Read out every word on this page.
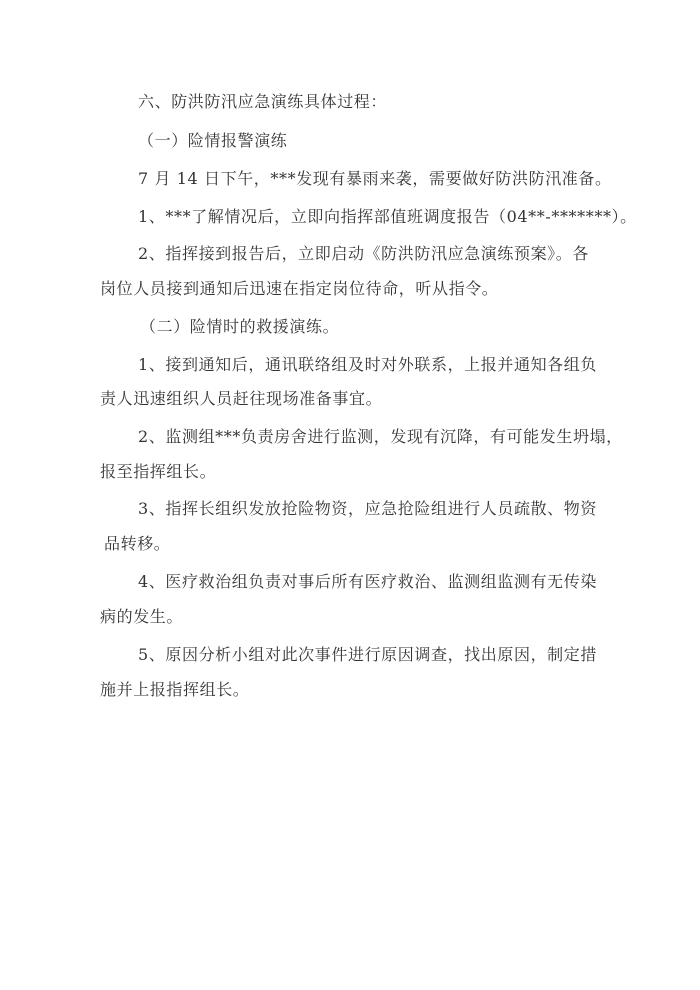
六、防洪防汛应急演练具体过程：
（一）险情报警演练
7 月 14 日下午，***发现有暴雨来袭，需要做好防洪防汛准备。
1、***了解情况后，立即向指挥部值班调度报告（04**-*******）。
2、指挥接到报告后，立即启动《防洪防汛应急演练预案》。各
岗位人员接到通知后迅速在指定岗位待命，听从指令。
（二）险情时的救援演练。
1、接到通知后，通讯联络组及时对外联系，上报并通知各组负
责人迅速组织人员赶往现场准备事宜。
2、监测组***负责房舍进行监测，发现有沉降，有可能发生坍塌，
报至指挥组长。
3、指挥长组织发放抢险物资，应急抢险组进行人员疏散、物资
品转移。
4、医疗救治组负责对事后所有医疗救治、监测组监测有无传染
病的发生。
5、原因分析小组对此次事件进行原因调查，找出原因，制定措
施并上报指挥组长。
